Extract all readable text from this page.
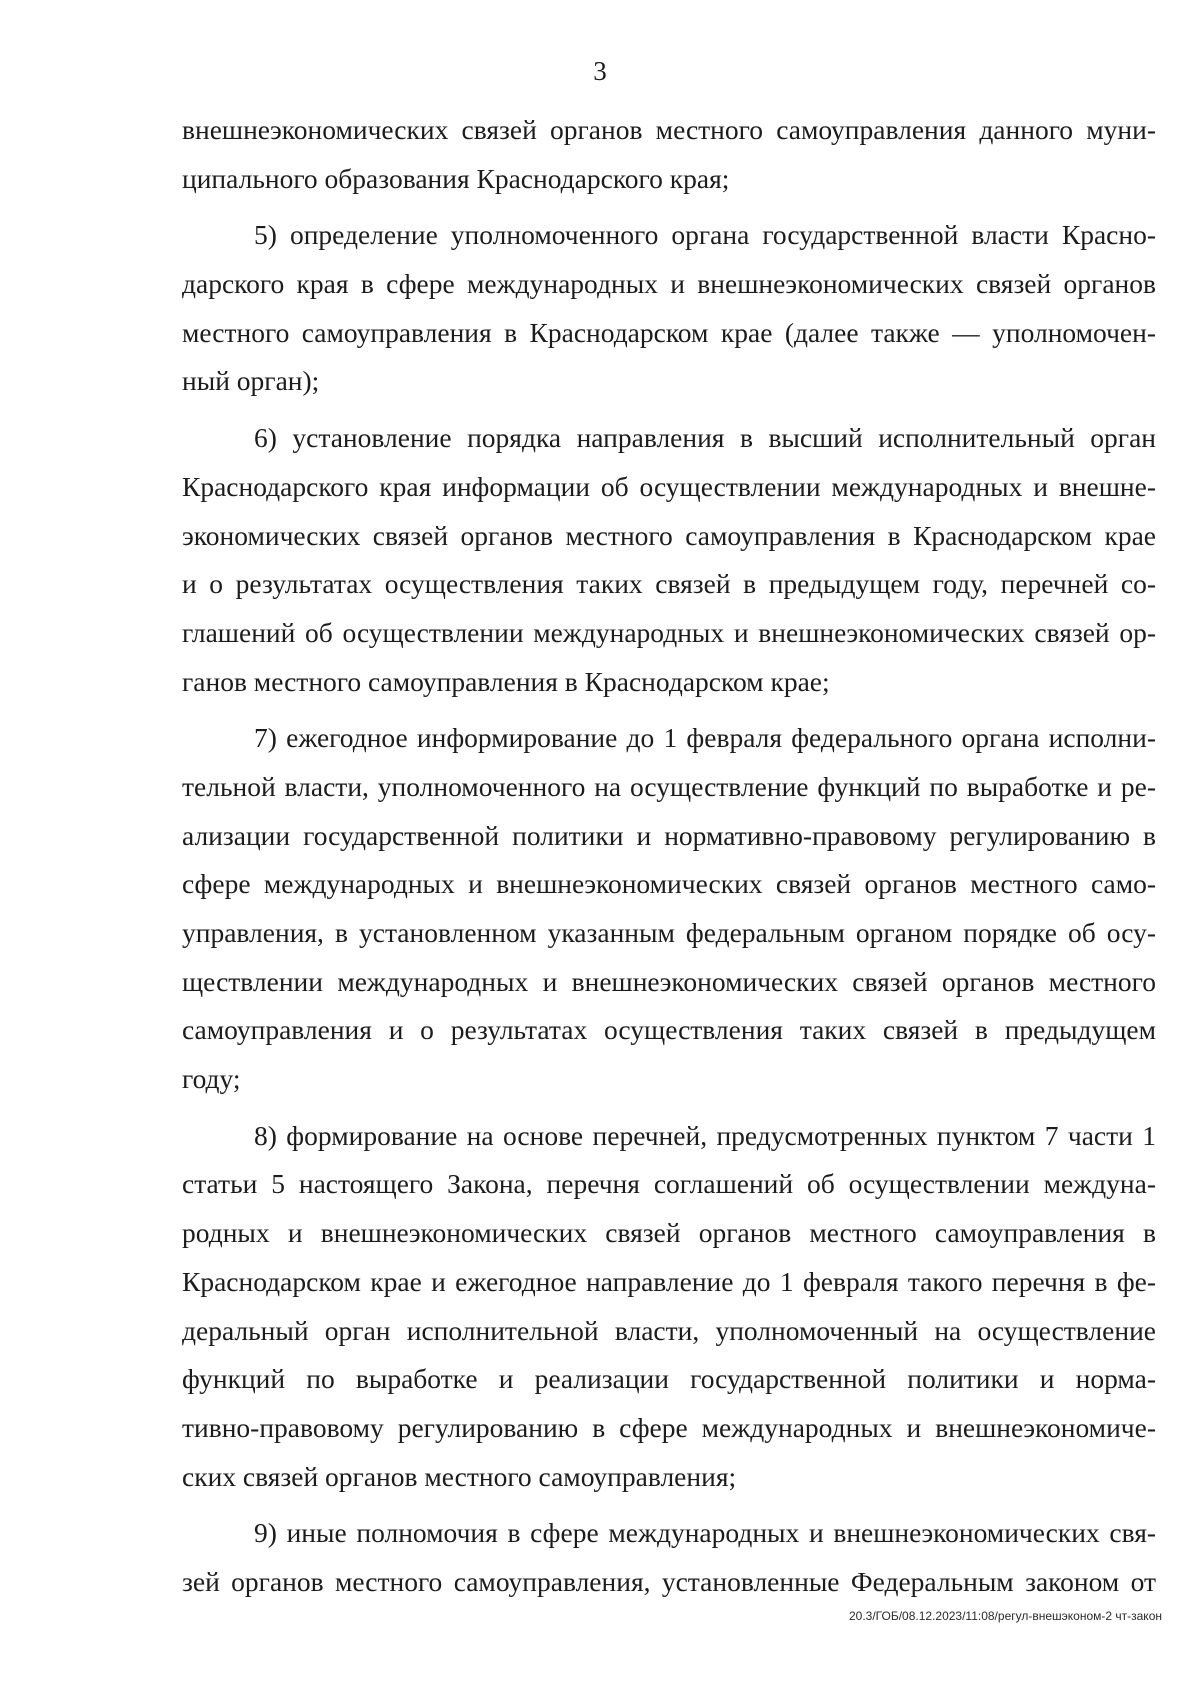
3
внешнеэкономических связей органов местного самоуправления данного муни-
ципального образования Краснодарского края;
5) определение уполномоченного органа государственной власти Красно-
дарского края в сфере международных и внешнеэкономических связей органов
местного самоуправления в Краснодарском крае (далее также — уполномочен-
ный орган);
6) установление порядка направления в высший исполнительный орган
Краснодарского края информации об осуществлении международных и внешне-
экономических связей органов местного самоуправления в Краснодарском крае
и о результатах осуществления таких связей в предыдущем году, перечней со-
глашений об осуществлении международных и внешнеэкономических связей ор-
ганов местного самоуправления в Краснодарском крае;
7) ежегодное информирование до 1 февраля федерального органа исполни-
тельной власти, уполномоченного на осуществление функций по выработке и ре-
ализации государственной политики и нормативно-правовому регулированию в
сфере международных и внешнеэкономических связей органов местного само-
управления, в установленном указанным федеральным органом порядке об осу-
ществлении международных и внешнеэкономических связей органов местного
самоуправления и о результатах осуществления таких связей в предыдущем
году;
8) формирование на основе перечней, предусмотренных пунктом 7 части 1
статьи 5 настоящего Закона, перечня соглашений об осуществлении междуна-
родных и внешнеэкономических связей органов местного самоуправления в
Краснодарском крае и ежегодное направление до 1 февраля такого перечня в фе-
деральный орган исполнительной власти, уполномоченный на осуществление
функций по выработке и реализации государственной политики и норма-
тивно-правовому регулированию в сфере международных и внешнеэкономиче-
ских связей органов местного самоуправления;
9) иные полномочия в сфере международных и внешнеэкономических свя-
зей органов местного самоуправления, установленные Федеральным законом от
20.3/ГОБ/08.12.2023/11:08/регул-внешэконом-2 чт-закон
